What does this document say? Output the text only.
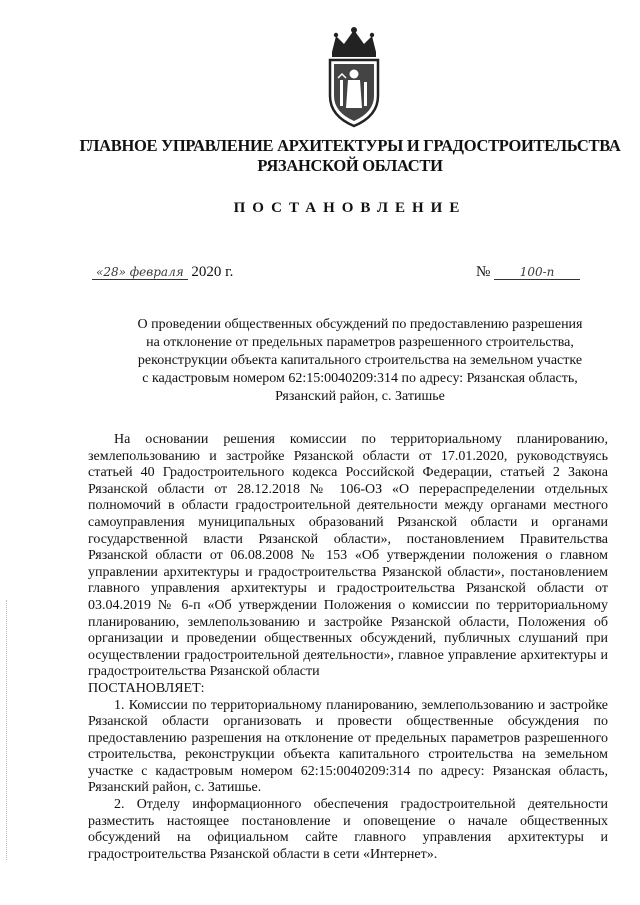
ГЛАВНОЕ УПРАВЛЕНИЕ АРХИТЕКТУРЫ И ГРАДОСТРОИТЕЛЬСТВА
РЯЗАНСКОЙ ОБЛАСТИ
ПОСТАНОВЛЕНИЕ
«28» февраля 2020 г.	№ 100-п
О проведении общественных обсуждений по предоставлению разрешения
на отклонение от предельных параметров разрешенного строительства,
реконструкции объекта капитального строительства на земельном участке
с кадастровым номером 62:15:0040209:314 по адресу: Рязанская область,
Рязанский район, с. Затишье

На основании решения комиссии по территориальному планированию, землепользованию и застройке Рязанской области от 17.01.2020, руководствуясь статьей 40 Градостроительного кодекса Российской Федерации, статьей 2 Закона Рязанской области от 28.12.2018 № 106-ОЗ «О перераспределении отдельных полномочий в области градостроительной деятельности между органами местного самоуправления муниципальных образований Рязанской области и органами государственной власти Рязанской области», постановлением Правительства Рязанской области от 06.08.2008 № 153 «Об утверждении положения о главном управлении архитектуры и градостроительства Рязанской области», постановлением главного управления архитектуры и градостроительства Рязанской области от 03.04.2019 № 6-п «Об утверждении Положения о комиссии по территориальному планированию, землепользованию и застройке Рязанской области, Положения об организации и проведении общественных обсуждений, публичных слушаний при осуществлении градостроительной деятельности», главное управление архитектуры и градостроительства Рязанской области

ПОСТАНОВЛЯЕТ:

1. Комиссии по территориальному планированию, землепользованию и застройке Рязанской области организовать и провести общественные обсуждения по предоставлению разрешения на отклонение от предельных параметров разрешенного строительства, реконструкции объекта капитального строительства на земельном участке с кадастровым номером 62:15:0040209:314 по адресу: Рязанская область, Рязанский район, с. Затишье.

2. Отделу информационного обеспечения градостроительной деятельности разместить настоящее постановление и оповещение о начале общественных обсуждений на официальном сайте главного управления архитектуры и градостроительства Рязанской области в сети «Интернет».
